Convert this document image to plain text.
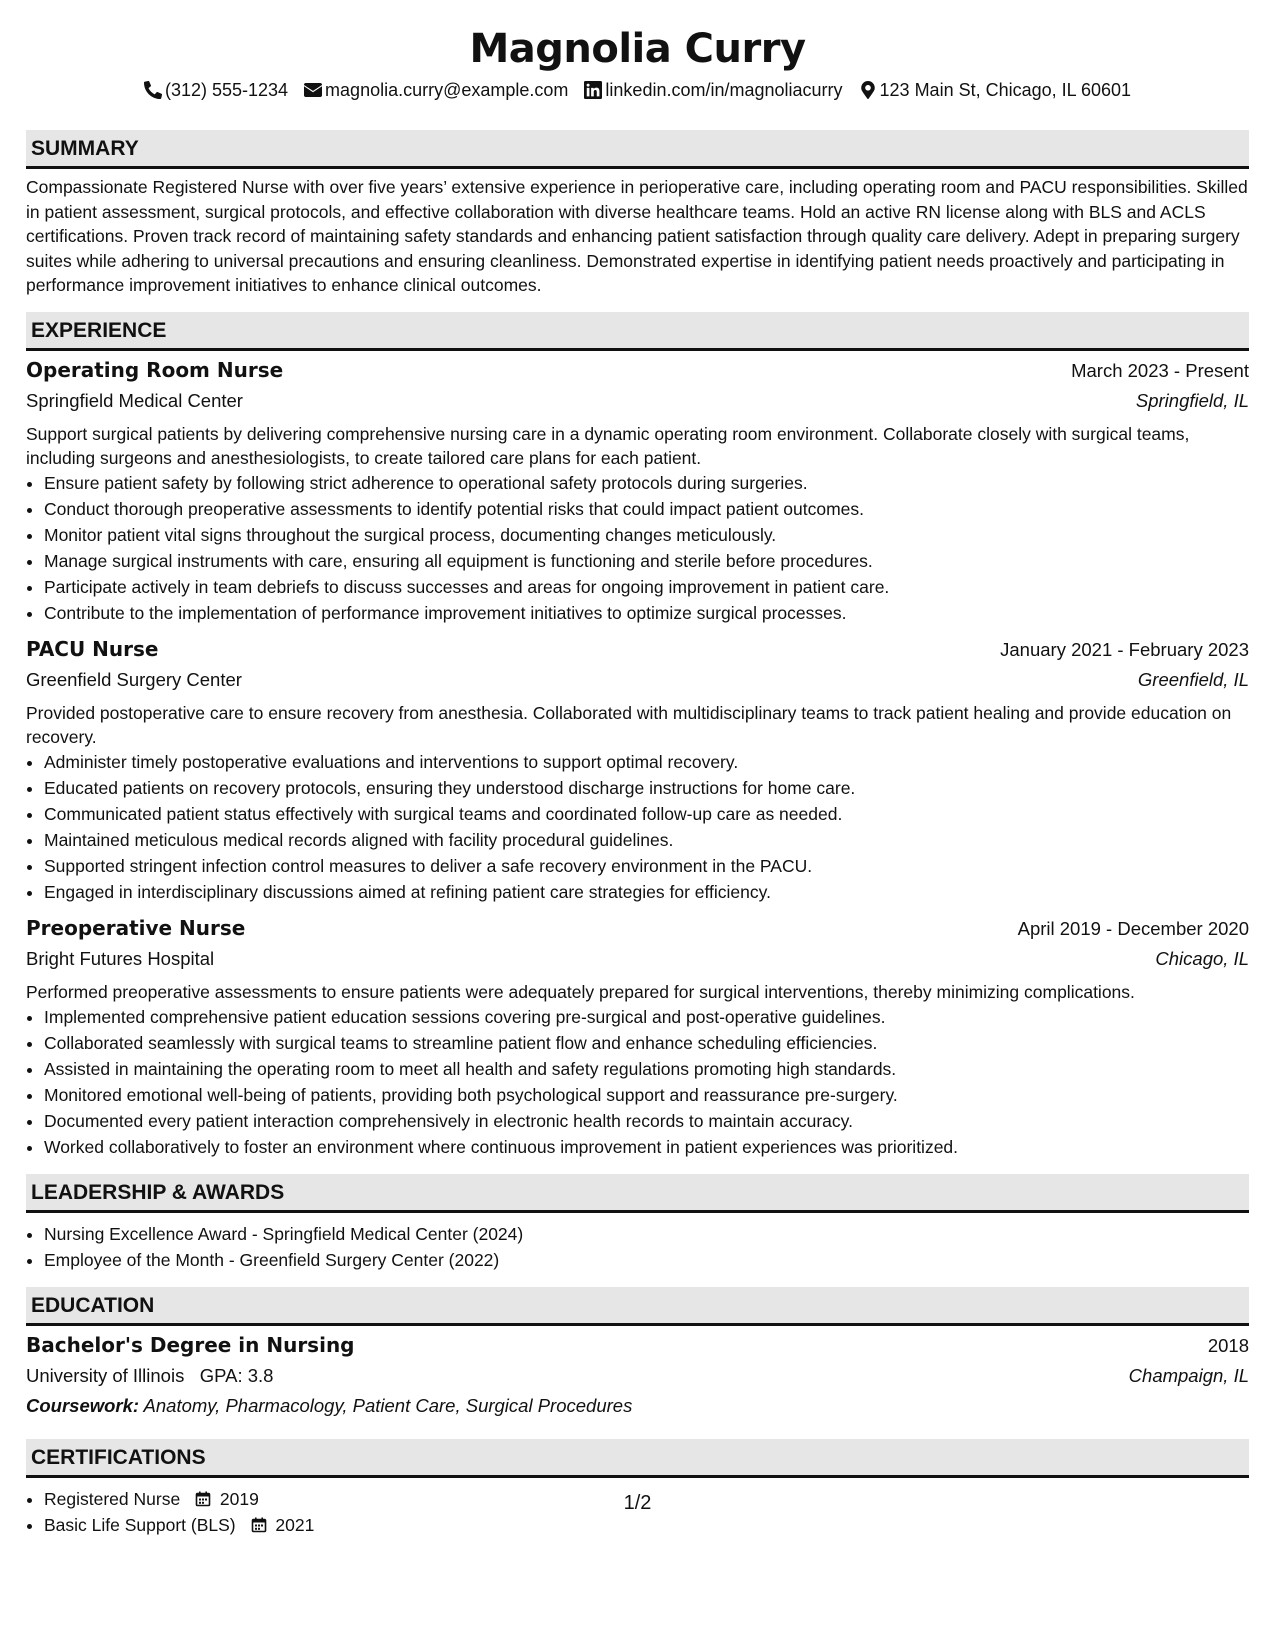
Magnolia Curry
(312) 555-1234 magnolia.curry@example.com linkedin.com/in/magnoliacurry 123 Main St, Chicago, IL 60601
SUMMARY
Compassionate Registered Nurse with over five years’ extensive experience in perioperative care, including operating room and PACU responsibilities. Skilled in patient assessment, surgical protocols, and effective collaboration with diverse healthcare teams. Hold an active RN license along with BLS and ACLS certifications. Proven track record of maintaining safety standards and enhancing patient satisfaction through quality care delivery. Adept in preparing surgery suites while adhering to universal precautions and ensuring cleanliness. Demonstrated expertise in identifying patient needs proactively and participating in performance improvement initiatives to enhance clinical outcomes.
EXPERIENCE
Operating Room Nurse	March 2023 - Present
Springfield Medical Center	Springfield, IL
Support surgical patients by delivering comprehensive nursing care in a dynamic operating room environment. Collaborate closely with surgical teams, including surgeons and anesthesiologists, to create tailored care plans for each patient.
• Ensure patient safety by following strict adherence to operational safety protocols during surgeries.
• Conduct thorough preoperative assessments to identify potential risks that could impact patient outcomes.
• Monitor patient vital signs throughout the surgical process, documenting changes meticulously.
• Manage surgical instruments with care, ensuring all equipment is functioning and sterile before procedures.
• Participate actively in team debriefs to discuss successes and areas for ongoing improvement in patient care.
• Contribute to the implementation of performance improvement initiatives to optimize surgical processes.
PACU Nurse	January 2021 - February 2023
Greenfield Surgery Center	Greenfield, IL
Provided postoperative care to ensure recovery from anesthesia. Collaborated with multidisciplinary teams to track patient healing and provide education on recovery.
• Administer timely postoperative evaluations and interventions to support optimal recovery.
• Educated patients on recovery protocols, ensuring they understood discharge instructions for home care.
• Communicated patient status effectively with surgical teams and coordinated follow-up care as needed.
• Maintained meticulous medical records aligned with facility procedural guidelines.
• Supported stringent infection control measures to deliver a safe recovery environment in the PACU.
• Engaged in interdisciplinary discussions aimed at refining patient care strategies for efficiency.
Preoperative Nurse	April 2019 - December 2020
Bright Futures Hospital	Chicago, IL
Performed preoperative assessments to ensure patients were adequately prepared for surgical interventions, thereby minimizing complications.
• Implemented comprehensive patient education sessions covering pre-surgical and post-operative guidelines.
• Collaborated seamlessly with surgical teams to streamline patient flow and enhance scheduling efficiencies.
• Assisted in maintaining the operating room to meet all health and safety regulations promoting high standards.
• Monitored emotional well-being of patients, providing both psychological support and reassurance pre-surgery.
• Documented every patient interaction comprehensively in electronic health records to maintain accuracy.
• Worked collaboratively to foster an environment where continuous improvement in patient experiences was prioritized.
LEADERSHIP & AWARDS
• Nursing Excellence Award - Springfield Medical Center (2024)
• Employee of the Month - Greenfield Surgery Center (2022)
EDUCATION
Bachelor's Degree in Nursing	2018
University of Illinois GPA: 3.8	Champaign, IL
Coursework: Anatomy, Pharmacology, Patient Care, Surgical Procedures
CERTIFICATIONS
• Registered Nurse 2019
• Basic Life Support (BLS) 2021
1/2
